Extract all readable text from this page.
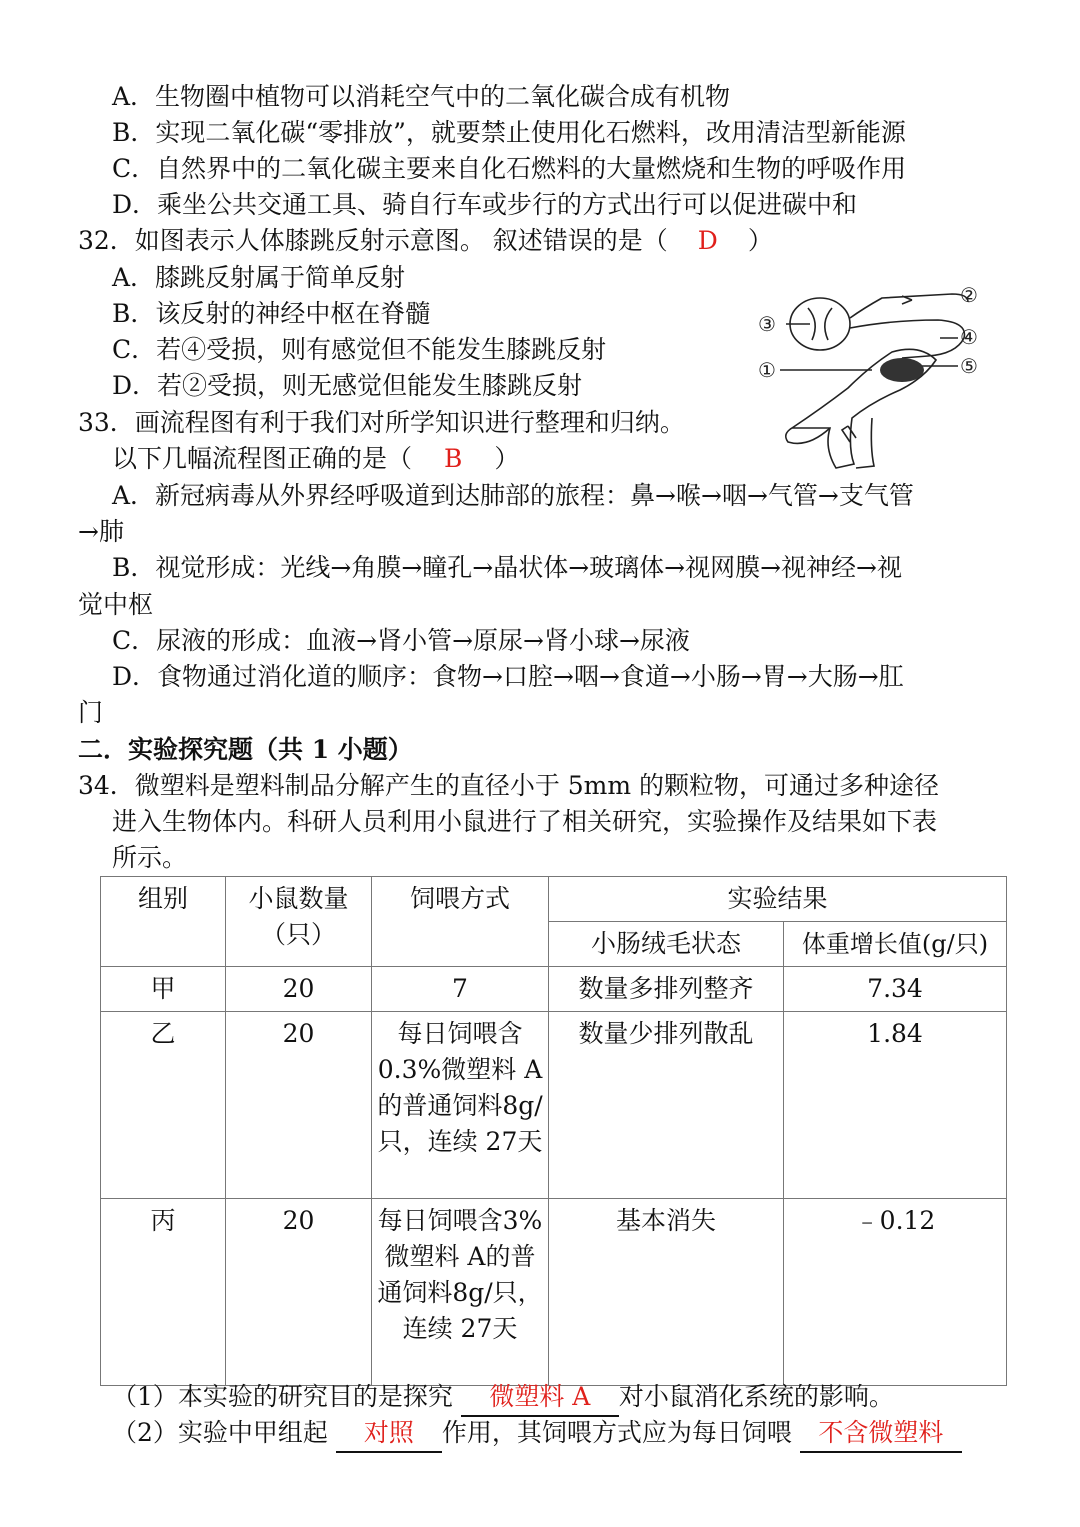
A．生物圈中植物可以消耗空气中的二氧化碳合成有机物
B．实现二氧化碳“零排放”，就要禁止使用化石燃料，改用清洁型新能源
C．自然界中的二氧化碳主要来自化石燃料的大量燃烧和生物的呼吸作用
D．乘坐公共交通工具、骑自行车或步行的方式出行可以促进碳中和
32．如图表示人体膝跳反射示意图。 叙述错误的是（ D ）
A．膝跳反射属于简单反射
B．该反射的神经中枢在脊髓
C．若④受损，则有感觉但不能发生膝跳反射
D．若②受损，则无感觉但能发生膝跳反射
②
③
④
①	⑤
33．画流程图有利于我们对所学知识进行整理和归纳。
以下几幅流程图正确的是（ B ）
A．新冠病毒从外界经呼吸道到达肺部的旅程：鼻→喉→咽→气管→支气管
→肺
B．视觉形成：光线→角膜→瞳孔→晶状体→玻璃体→视网膜→视神经→视
觉中枢
C．尿液的形成：血液→肾小管→原尿→肾小球→尿液
D．食物通过消化道的顺序：食物→口腔→咽→食道→小肠→胃→大肠→肛
门
二．实验探究题（共 1 小题）
34．微塑料是塑料制品分解产生的直径小于 5mm 的颗粒物，可通过多种途径
进入生物体内。科研人员利用小鼠进行了相关研究，实验操作及结果如下表
所示。
组别	小鼠数量（只）	饲喂方式	实验结果	
			小肠绒毛状态	体重增长值(g/只)
甲	20	7	数量多排列整齐	7.34
乙	20	每日饲喂含0.3%微塑料 A的普通饲料8g/只，连续 27天	数量少排列散乱	1.84
丙	20	每日饲喂含3%微塑料 A的普通饲料8g/只，连续 27天	基本消失	﹣0.12
（1）本实验的研究目的是探究 微塑料 A 对小鼠消化系统的影响。
（2）实验中甲组起 对照 作用，其饲喂方式应为每日饲喂 不含微塑料
